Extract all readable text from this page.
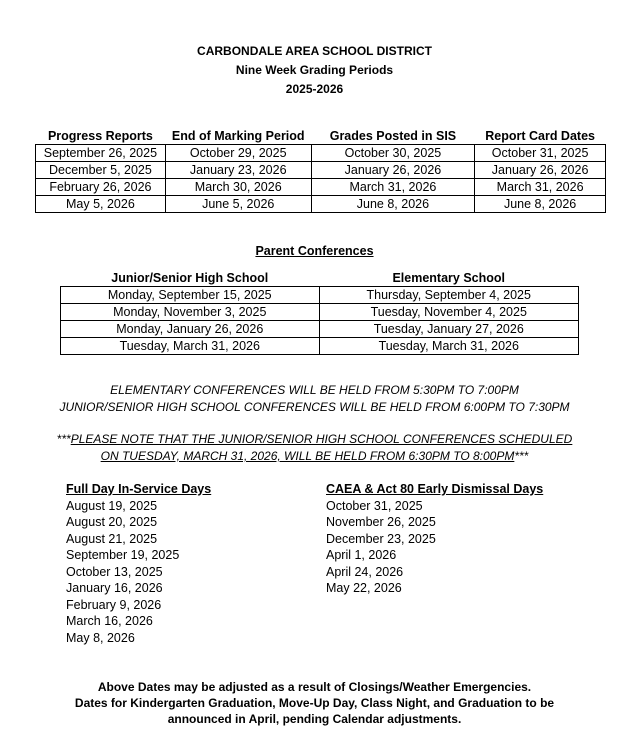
CARBONDALE AREA SCHOOL DISTRICT
Nine Week Grading Periods
2025-2026
Progress Reports	End of Marking Period	Grades Posted in SIS	Report Card Dates
September 26, 2025	October 29, 2025	October 30, 2025	October 31, 2025
December 5, 2025	January 23, 2026	January 26, 2026	January 26, 2026
February 26, 2026	March 30, 2026	March 31, 2026	March 31, 2026
May 5, 2026	June 5, 2026	June 8, 2026	June 8, 2026
Parent Conferences
Junior/Senior High School	Elementary School
Monday, September 15, 2025	Thursday, September 4, 2025
Monday, November 3, 2025	Tuesday, November 4, 2025
Monday, January 26, 2026	Tuesday, January 27, 2026
Tuesday, March 31, 2026	Tuesday, March 31, 2026
ELEMENTARY CONFERENCES WILL BE HELD FROM 5:30PM TO 7:00PM
JUNIOR/SENIOR HIGH SCHOOL CONFERENCES WILL BE HELD FROM 6:00PM TO 7:30PM
***PLEASE NOTE THAT THE JUNIOR/SENIOR HIGH SCHOOL CONFERENCES SCHEDULED
ON TUESDAY, MARCH 31, 2026, WILL BE HELD FROM 6:30PM TO 8:00PM***
Full Day In-Service Days
August 19, 2025
August 20, 2025
August 21, 2025
September 19, 2025
October 13, 2025
January 16, 2026
February 9, 2026
March 16, 2026
May 8, 2026
CAEA & Act 80 Early Dismissal Days
October 31, 2025
November 26, 2025
December 23, 2025
April 1, 2026
April 24, 2026
May 22, 2026
Above Dates may be adjusted as a result of Closings/Weather Emergencies.
Dates for Kindergarten Graduation, Move-Up Day, Class Night, and Graduation to be
announced in April, pending Calendar adjustments.
